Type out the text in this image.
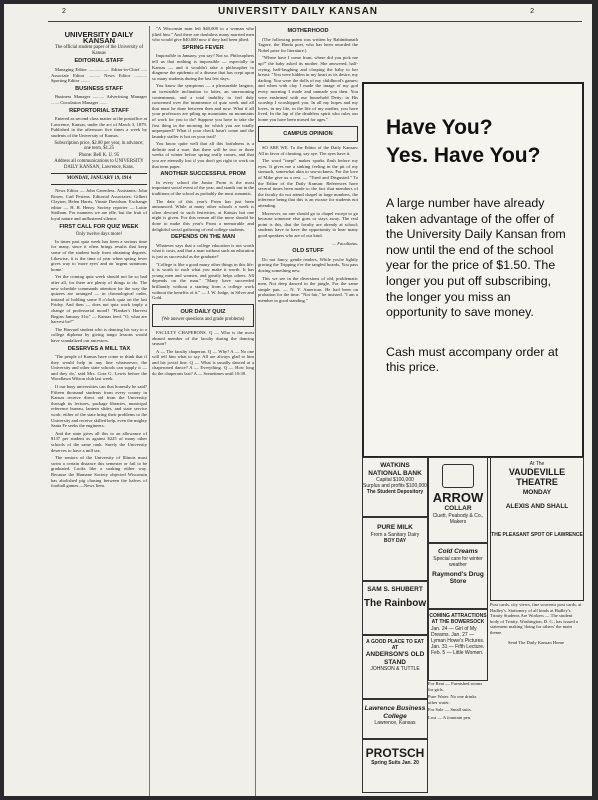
2	UNIVERSITY DAILY KANSAN	2
UNIVERSITY DAILY KANSAN

The official student paper of the University of Kansas

EDITORIAL STAFF

Managing Editor .................. Editor-in-Chief ..... Associate Editor .......... News Editor ........... Sporting Editor ........

BUSINESS STAFF

Business Manager .......... Advertising Manager ....... Circulation Manager .......

REPORTORIAL STAFF

Entered as second class matter at the postoffice at Lawrence, Kansas, under the act of March 3, 1879. Published in the afternoon five times a week by students of the University of Kansas.

Subscription price, $2.00 per year, in advance; one term, $1.25

Phone: Bell K. U. 95

Address all communications to UNIVERSITY DAILY KANSAN, Lawrence, Kans.

MONDAY, JANUARY 19, 1914

News Editor — John Greenless. Assistants: John Rosen, Carl Pestens. Editorial Associates: Gilbert Clayton, Helen Harris, Vinnie Davidson. Exchange editor — H. R. Henry. Society reporter — Lottie Stidham. For manners we are idle, but the fruit of loyal nature and unflustered silence.

FIRST CALL FOR QUIZ WEEK

Only twelve days more!

In times past quiz week has been a serious time for many, since it often brings results that keep some of the student body from obtaining degrees. Likewise, it is the time of year when spring fever gives way to 'more eyes' and an 'urgent summons home.'

Yet the coming quiz week should not be so bad after all, for there are plenty of things to do. The new schedule commands attention for the way the quizzes are arranged — in chronological order, instead of holding some 8 o'clock quiz on the last Friday. And then — does not quiz work imply a change of professorial mood? "Flanker's Harvest Begins January 31st" — Kansas feed. "O, what are harvest be?"

The Harvard student who is dancing his way to a college diploma by giving tango lessons would have scandalized our ancestors.

DESERVES A MILL TAX

'The people of Kansas have come to think that if they would help in any line whatsoever, the University and other state schools can supply it — and they do,' said Mrs. Cora G. Lewis before the Woodlawn Wilson club last week.

If our busy universities can that honestly be said? Fifteen thousand students from every county in Kansas receive direct aid from the University through its lectures, package libraries, municipal reference bureau, lantern slides, and state service work; either of the state bring their problems to the University and receive skilled help, even the mighty Santa Fe seeks the engineers.

And the state gives all this to an allowance of $137 per student as against $225 of many other schools of the same rank. Surely the University deserves to have a mill tax.

The seniors of the University of Illinois must swim a certain distance this semester or fail to be graduated. Looks like a soaking either way. Because the Humane Society objected Wisconsin has abolished pig chasing between the halves of football games.—News Item.

"A Wisconsin man left $40,000 to a woman who jilted him." And there are doubtless many married men who would give $40,000 now if they had been jilted.

SPRING FEVER

Impossible in January, you say? Not so. Philosophers tell us that nothing is impossible — especially in Kansas — and it wouldn't take a philosopher to diagnose the epidemic of a disease that has crept upon so many students during the last few days.

You know the symptoms — a pleasurable languor, an irresistible inclination to loiter, an unreasoning contentment, and a total inability to feel duly concerned over the imminence of quiz week and all that must be done between then and now. What if all your professors are piling up mountains on mountains of work for you to do? Suppose you have to take the first thing in the morning for which you are totally unprepared? What if your check hasn't come and the laundry staffer is hot on your trail?

You know quite well that all this loafulness is a definite and a sure, that there will be two or three weeks of winter before spring really comes, and that you are eternally lost if you don't get right to work on that term paper.

ANOTHER SUCCESSFUL PROM

In every school the Junior Prom is the most important social event of the year, and stands out in the traditions of the school as probably the most romantic.

The date of this year's Prom has just been announced. While at many other schools a week is often devoted to such festivities, at Kansas but one night is given. For this reason all the more should be done to make this year's Prom a memorable and delightful social gathering of real college students.

DEPENDS ON THE MAN

Whatever says that a college education is not worth what it costs, and that a man without such an education is just as successful as the graduate?

"College is like a good many other things in this life: it is worth to each what you make it worth. It has young men and women, and greatly helps others. All depends on the man." "Many have succeeded brilliantly without a starting from a college work without the benefits of it." — J. W. Judge, in Silver and Gold.

OUR DAILY QUIZ

(We answer questions and grade problems)

FACULTY CHAPERONS. Q — Who is the most abused member of the faculty during the dancing season?

A — The faculty chaperon. Q — Why? A — No one will tell him what to say. All are always glad to him and his jovial fine. Q — What is usually danced at a chaperoned dance? A — Everything. Q — How long do the chaperons last? A — Sometimes until 10:30.

MOTHERHOOD

(The following poem was written by Rabindranath Tagore, the Hindu poet, who has been awarded the Nobel prize for literature.)

"Where have I come from, where did you pick me up?" the baby asked its mother. She answered, half-crying, half-laughing and clasping the baby to her breast: "You were hidden in my heart as its desire, my darling. You were the dolls of my childhood's games; and when with clay I made the image of my god every morning I made and unmade you then. You were enshrined with our household Deity; in His worship I worshipped you. In all my hopes and my loves, in my life, in the life of my mother, you have lived. In the lap of the deathless spirit who rules our home you have been nursed for ages."

CAMPUS OPINION

SO ARE WE. To the Editor of the Daily Kansan: All in favor of cheating, say aye. The ayes have it.

The word "inept" makes sparks flash before my eyes. It gives me a sinking feeling in the pit of my stomach, somewhat akin to sea-sickness. For the love of Mike give us a rest. — "Tired and Disgusted." To the Editor of the Daily Kansan: References have several times been made to the fact that members of the faculty do not attend chapel in large numbers, the inference being that this is an excuse for students not attending.

Moreover, no one should go to chapel except to go because someone else goes or stays away. The real point is this, that the faculty are already at school; students have to have the opportunity to hear many good speakers who are of our kind.

— Facultatus.

OLD STUFF

Do not fancy, gentle readers, While you're lightly gracing the Tripping o'er the tangled boards, You pass dozing something new.

This we see in the diversions of old, problematic men, Not deep danced in the jungle, For the same simple pan. — N. Y. American. He had been on probation for the time. "Not fair," he insisted. "I am a member in good standing."

Have You?
Yes. Have You?
A large number have already taken advantage of the offer of the University Daily Kansan from now until the end of the school year for the price of $1.50. The longer you put off subscribing, the longer you miss an opportunity to save money.
Cash must accompany order at this price.
WATKINS NATIONAL BANK
Capital $100,000
Surplus and profits $100,000
The Student Depository
PURE MILK
From a Sanitary Dairy
BOY DAY
SAM S. SHUBERT
The Rainbow
A GOOD PLACE TO EAT AT
ANDERSON'S OLD STAND
JOHNSON & TUTTLE
Lawrence Business College
Lawrence, Kansas
PROTSCH
Spring Suits Jan. 20
ARROW
COLLAR
Cluett, Peabody & Co., Makers
Cold Creams
Special care for winter weather
Raymond's Drug Store
COMING ATTRACTIONS AT THE BOWERSOCK
Jan. 24 — Girl of My Dreams. Jan. 27 — Lyman Howe's Pictures. Jan. 31 — Fifth Lecture. Feb. 5 — Little Women.

For Rent — Furnished rooms for girls.

Pure Water. No one drinks other water.

For Sale — Small suits.

Lost — A fountain pen.

At The
VAUDEVILLE THEATRE
MONDAY
ALEXIS AND SHALL
THE PLEASANT SPOT OF LAWRENCE

Post cards, city views, fine souvenir post cards, at Hadley's. Stationery of all kinds at Hadley's. Trinity Students Are Workers — The student body of Trinity, Washington, D. C., has issued a statement making 'doing for others' the main theme.

Send The Daily Kansan Home
